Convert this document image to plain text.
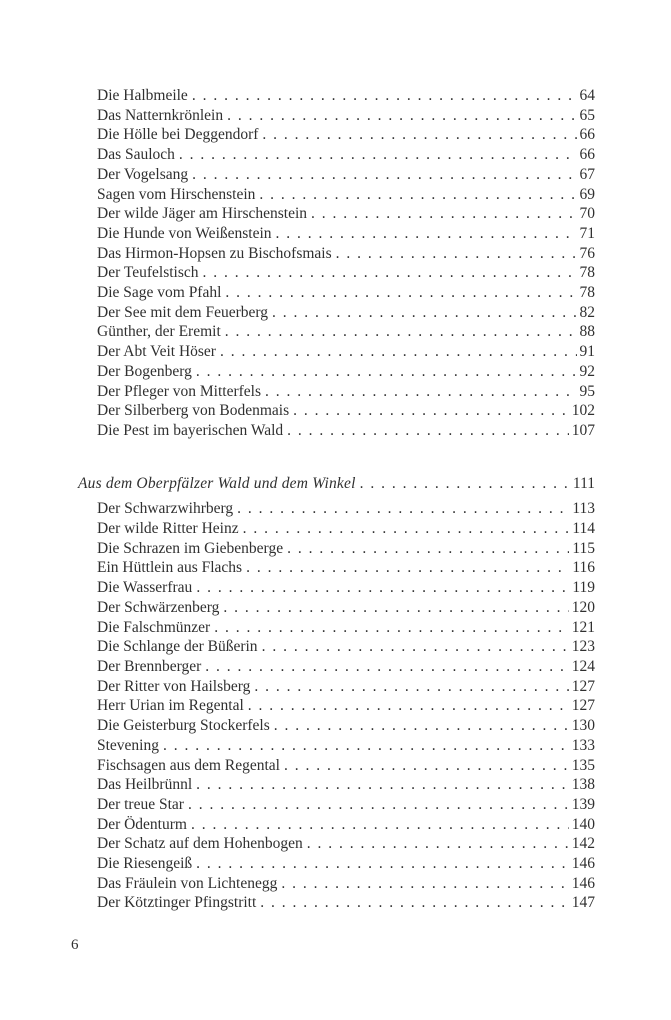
Die Halbmeile . . .	64
Das Natternkrönlein . . .	65
Die Hölle bei Deggendorf . . .	66
Das Sauloch . . .	66
Der Vogelsang . . .	67
Sagen vom Hirschenstein . . .	69
Der wilde Jäger am Hirschenstein . . .	70
Die Hunde von Weißenstein . . .	71
Das Hirmon-Hopsen zu Bischofsmais . . .	76
Der Teufelstisch . . .	78
Die Sage vom Pfahl . . .	78
Der See mit dem Feuerberg . . .	82
Günther, der Eremit . . .	88
Der Abt Veit Höser . . .	91
Der Bogenberg . . .	92
Der Pfleger von Mitterfels . . .	95
Der Silberberg von Bodenmais . . .	102
Die Pest im bayerischen Wald . . .	107
Aus dem Oberpfälzer Wald und dem Winkel . . .	111
Der Schwarzwihrberg . . .	113
Der wilde Ritter Heinz . . .	114
Die Schrazen im Giebenberge . . .	115
Ein Hüttlein aus Flachs . . .	116
Die Wasserfrau . . .	119
Der Schwärzenberg . . .	120
Die Falschmünzer . . .	121
Die Schlange der Büßerin . . .	123
Der Brennberger . . .	124
Der Ritter von Hailsberg . . .	127
Herr Urian im Regental . . .	127
Die Geisterburg Stockerfels . . .	130
Stevening . . .	133
Fischsagen aus dem Regental . . .	135
Das Heilbrünnl . . .	138
Der treue Star . . .	139
Der Ödenturm . . .	140
Der Schatz auf dem Hohenbogen . . .	142
Die Riesengeiß . . .	146
Das Fräulein von Lichtenegg . . .	146
Der Kötztinger Pfingstritt . . .	147
6
